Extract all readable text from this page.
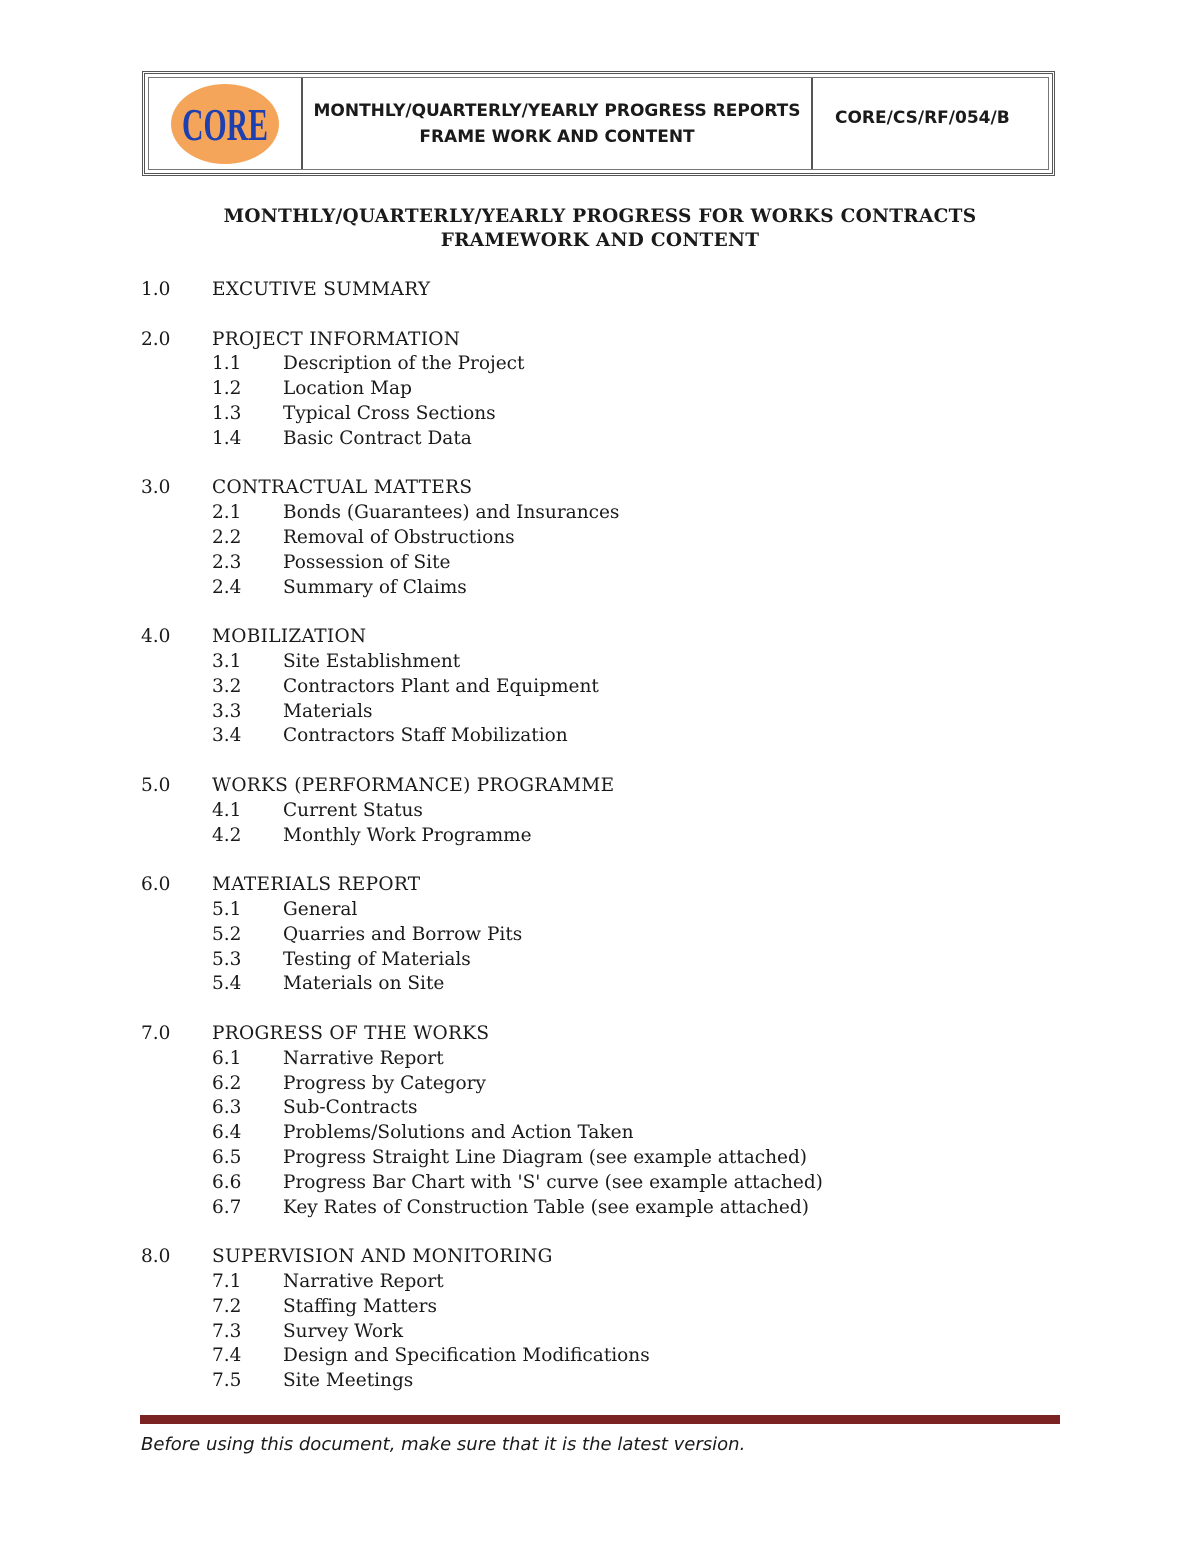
CORE	MONTHLY/QUARTERLY/YEARLY PROGRESS REPORTS
FRAME WORK AND CONTENT
CORE/CS/RF/054/B
MONTHLY/QUARTERLY/YEARLY PROGRESS FOR WORKS CONTRACTS
FRAMEWORK AND CONTENT
1.0 EXCUTIVE SUMMARY
2.0 PROJECT INFORMATION
1.1 Description of the Project
1.2 Location Map
1.3 Typical Cross Sections
1.4 Basic Contract Data
3.0 CONTRACTUAL MATTERS
2.1 Bonds (Guarantees) and Insurances
2.2 Removal of Obstructions
2.3 Possession of Site
2.4 Summary of Claims
4.0 MOBILIZATION
3.1 Site Establishment
3.2 Contractors Plant and Equipment
3.3 Materials
3.4 Contractors Staff Mobilization
5.0 WORKS (PERFORMANCE) PROGRAMME
4.1 Current Status
4.2 Monthly Work Programme
6.0 MATERIALS REPORT
5.1 General
5.2 Quarries and Borrow Pits
5.3 Testing of Materials
5.4 Materials on Site
7.0 PROGRESS OF THE WORKS
6.1 Narrative Report
6.2 Progress by Category
6.3 Sub-Contracts
6.4 Problems/Solutions and Action Taken
6.5 Progress Straight Line Diagram (see example attached)
6.6 Progress Bar Chart with 'S' curve (see example attached)
6.7 Key Rates of Construction Table (see example attached)
8.0 SUPERVISION AND MONITORING
7.1 Narrative Report
7.2 Staffing Matters
7.3 Survey Work
7.4 Design and Specification Modifications
7.5 Site Meetings
Before using this document, make sure that it is the latest version.
